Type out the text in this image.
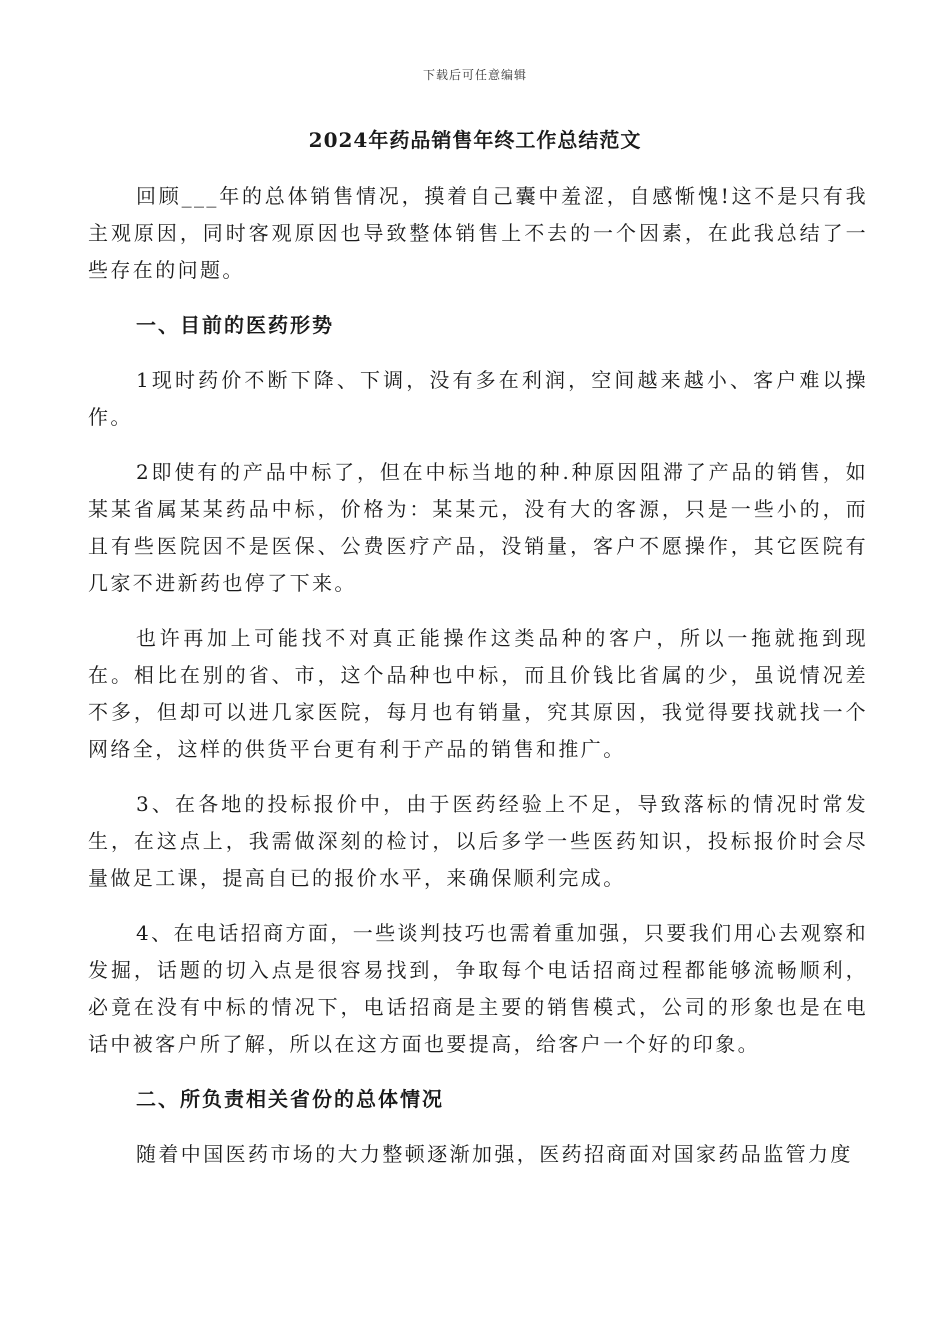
下载后可任意编辑
2024年药品销售年终工作总结范文

回顾___年的总体销售情况，摸着自己囊中羞涩，自感惭愧!这不是只有我主观原因，同时客观原因也导致整体销售上不去的一个因素，在此我总结了一些存在的问题。

一、目前的医药形势

1现时药价不断下降、下调，没有多在利润，空间越来越小、客户难以操作。

2即使有的产品中标了，但在中标当地的种.种原因阻滞了产品的销售，如某某省属某某药品中标，价格为：某某元，没有大的客源，只是一些小的，而且有些医院因不是医保、公费医疗产品，没销量，客户不愿操作，其它医院有几家不进新药也停了下来。

也许再加上可能找不对真正能操作这类品种的客户，所以一拖就拖到现在。相比在别的省、市，这个品种也中标，而且价钱比省属的少，虽说情况差不多，但却可以进几家医院，每月也有销量，究其原因，我觉得要找就找一个网络全，这样的供货平台更有利于产品的销售和推广。

3、在各地的投标报价中，由于医药经验上不足，导致落标的情况时常发生，在这点上，我需做深刻的检讨，以后多学一些医药知识，投标报价时会尽量做足工课，提高自已的报价水平，来确保顺利完成。

4、在电话招商方面，一些谈判技巧也需着重加强，只要我们用心去观察和发掘，话题的切入点是很容易找到，争取每个电话招商过程都能够流畅顺利，必竟在没有中标的情况下，电话招商是主要的销售模式，公司的形象也是在电话中被客户所了解，所以在这方面也要提高，给客户一个好的印象。

二、所负责相关省份的总体情况

随着中国医药市场的大力整顿逐渐加强，医药招商面对国家药品监管力度
